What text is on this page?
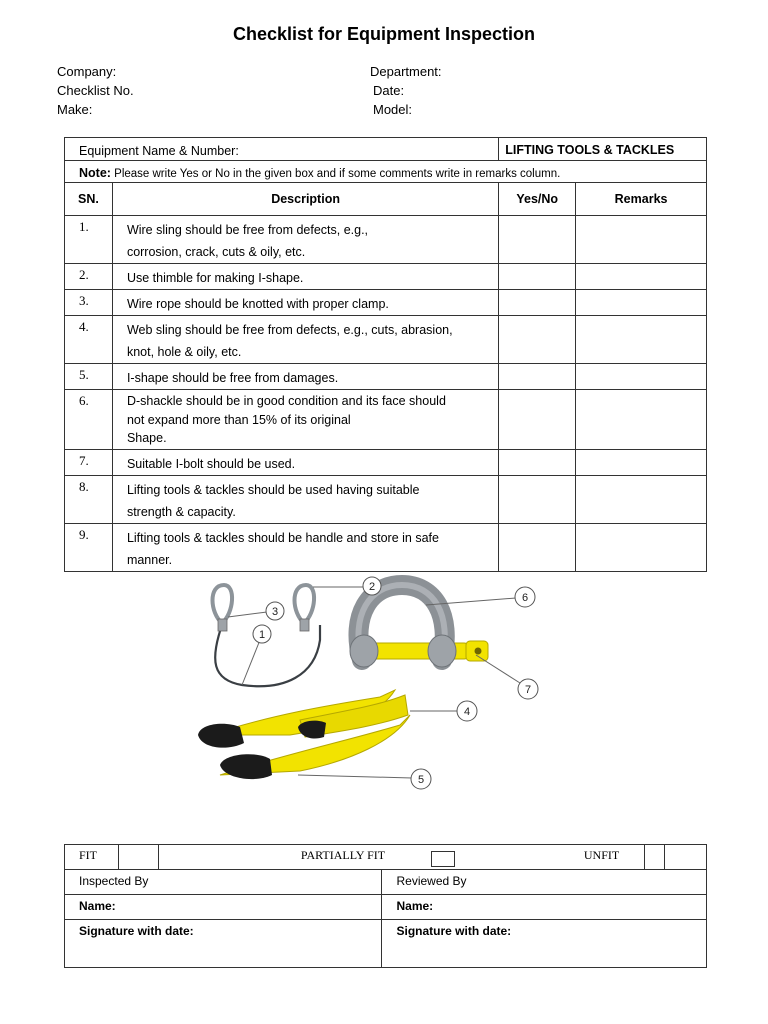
Checklist for Equipment Inspection
Company:	Department:
Checklist No.	Date:
Make:	Model:
Equipment Name & Number:		LIFTING TOOLS & TACKLES	
Note: Please write Yes or No in the given box and if some comments write in remarks column.			
SN.	Description	Yes/No	Remarks
1.	Wire sling should be free from defects, e.g.,
corrosion, crack, cuts & oily, etc.		

2.	Use thimble for making I-shape.		

3.	Wire rope should be knotted with proper clamp.		

4.	Web sling should be free from defects, e.g., cuts, abrasion,
knot, hole & oily, etc.		

5.	I-shape should be free from damages.		

6.	D-shackle should be in good condition and its face should
not expand more than 15% of its original
Shape.		

7.	Suitable I-bolt should be used.		

8.	Lifting tools & tackles should be used having suitable
strength & capacity.		

9.	Lifting tools & tackles should be handle and store in safe
manner.		

1
2
3
4
5
6
7
FIT		PARTIALLY FIT UNFIT				

Inspected By			Reviewed By			
Name:			Name:			
Signature with date:			Signature with date:			
